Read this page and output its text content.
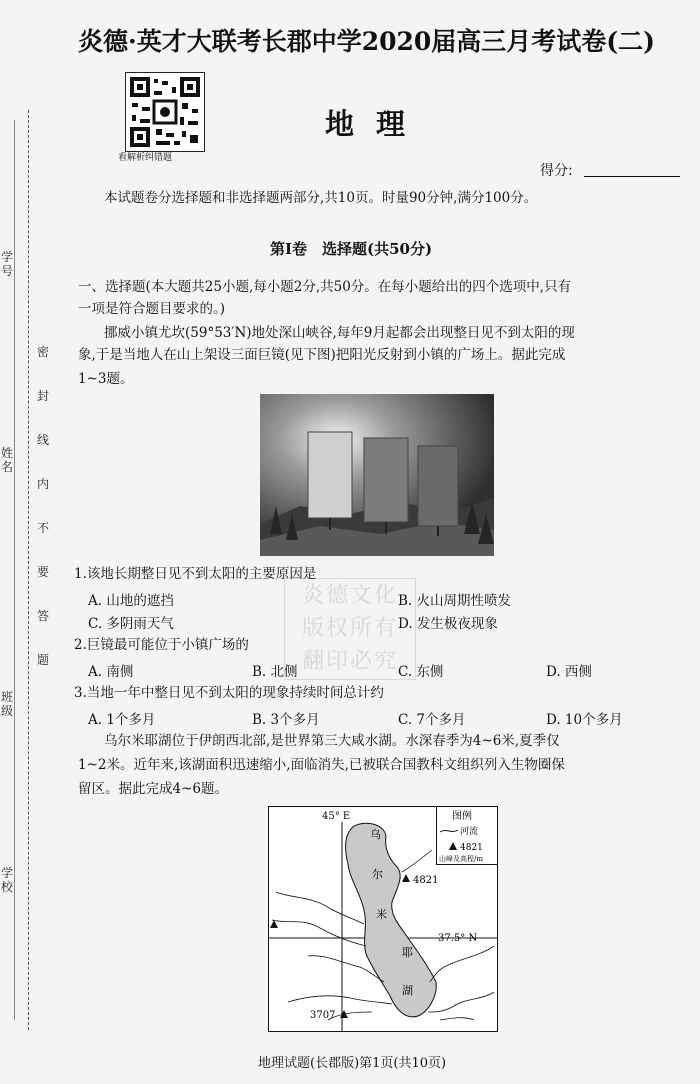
学校
班级
姓名
学号
密封线内不要答题
炎德·英才大联考长郡中学2020届高三月考试卷(二)
看解析纠错题
地理
得分:
本试题卷分选择题和非选择题两部分,共10页。时量90分钟,满分100分。
第Ⅰ卷　选择题(共50分)
一、选择题(本大题共25小题,每小题2分,共50分。在每小题给出的四个选项中,只有
一项是符合题目要求的。)
挪威小镇尤坎(59°53′N)地处深山峡谷,每年9月起都会出现整日见不到太阳的现
象,于是当地人在山上架设三面巨镜(见下图)把阳光反射到小镇的广场上。据此完成
1~3题。
炎德文化
版权所有
翻印必究
1.该地长期整日见不到太阳的主要原因是
A. 山地的遮挡	B. 火山周期性喷发
C. 多阴雨天气	D. 发生极夜现象
2.巨镜最可能位于小镇广场的
A. 南侧	B. 北侧	C. 东侧	D. 西侧
3.当地一年中整日见不到太阳的现象持续时间总计约
A. 1个多月	B. 3个多月	C. 7个多月	D. 10个多月
乌尔米耶湖位于伊朗西北部,是世界第三大咸水湖。水深春季为4~6米,夏季仅
1~2米。近年来,该湖面积迅速缩小,面临消失,已被联合国教科文组织列入生物圈保
留区。据此完成4~6题。
45° E
37.5° N
乌
尔
米
耶
湖
4821
3707
图例
河流
4821
山峰及高程/m
地理试题(长郡版)第1页(共10页)
